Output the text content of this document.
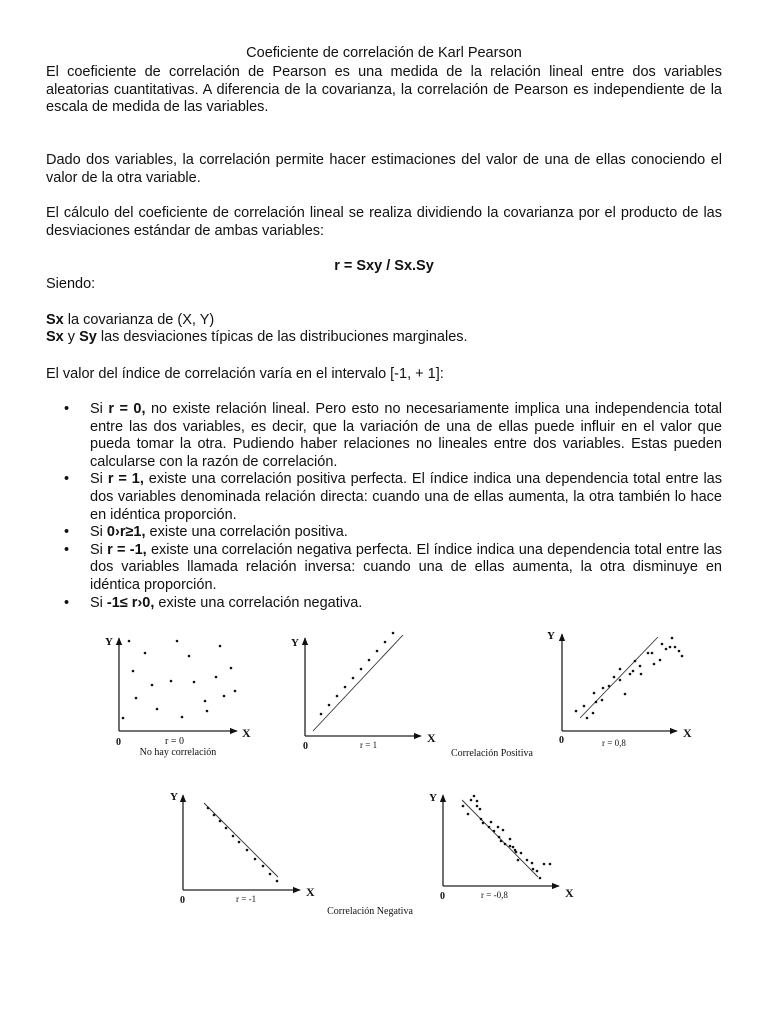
Coeficiente de correlación de Karl Pearson

El coeficiente de correlación de Pearson es una medida de la relación lineal entre dos variables aleatorias cuantitativas. A diferencia de la covarianza, la correlación de Pearson es independiente de la escala de medida de las variables.

Dado dos variables, la correlación permite hacer estimaciones del valor de una de ellas conociendo el valor de la otra variable.

El cálculo del coeficiente de correlación lineal se realiza dividiendo la covarianza por el producto de las desviaciones estándar de ambas variables:

r = Sxy / Sx.Sy

Siendo:

Sx la covarianza de (X, Y)

Sx y Sy las desviaciones típicas de las distribuciones marginales.

El valor del índice de correlación varía en el intervalo [-1, + 1]:

• Si r = 0, no existe relación lineal. Pero esto no necesariamente implica una independencia total entre las dos variables, es decir, que la variación de una de ellas puede influir en el valor que pueda tomar la otra. Pudiendo haber relaciones no lineales entre dos variables. Estas pueden calcularse con la razón de correlación.
• Si r = 1, existe una correlación positiva perfecta. El índice indica una dependencia total entre las dos variables denominada relación directa: cuando una de ellas aumenta, la otra también lo hace en idéntica proporción.
• Si 0›r≥1, existe una correlación positiva.
• Si r = -1, existe una correlación negativa perfecta. El índice indica una dependencia total entre las dos variables llamada relación inversa: cuando una de ellas aumenta, la otra disminuye en idéntica proporción.
• Si -1≤ r›0, existe una correlación negativa.
Y
X
0	r = 0
No hay correlación
Y
X
0	r = 1
Y
X
0	r = 0,8
Correlación Positiva
Y
X
0	r = -1
Y
X
0	r = -0,8
Correlación Negativa
